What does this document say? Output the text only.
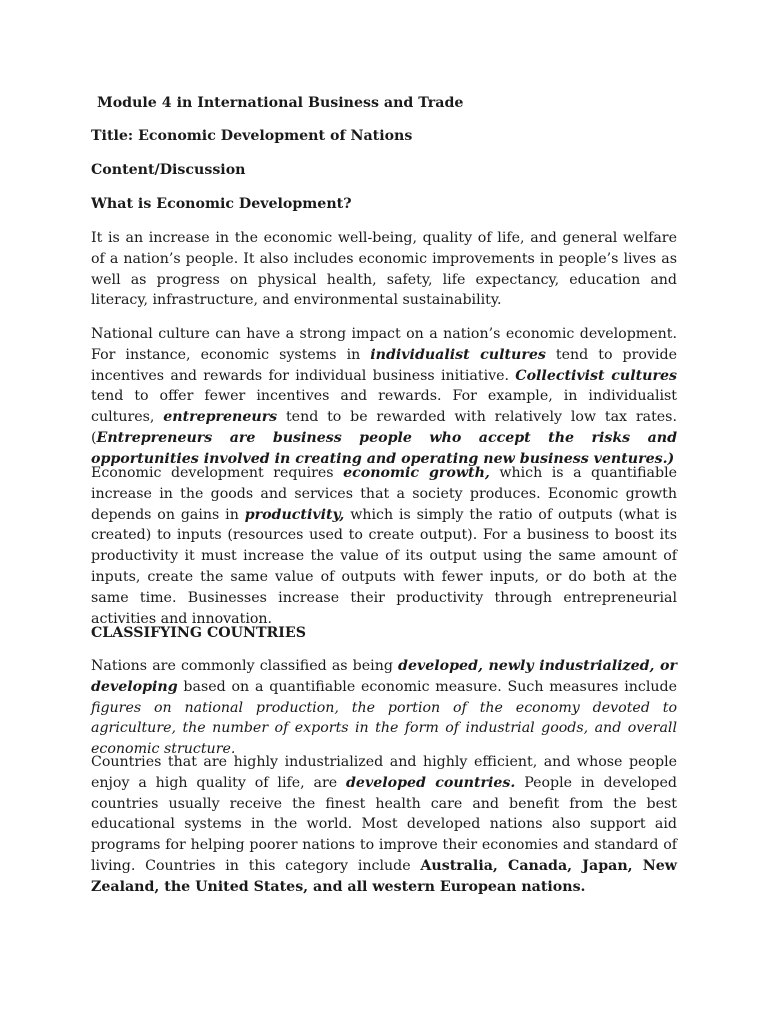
Module 4 in International Business and Trade
Title: Economic Development of Nations
Content/Discussion
What is Economic Development?
It is an increase in the economic well-being, quality of life, and general welfare of a nation’s people. It also includes economic improvements in people’s lives as well as progress on physical health, safety, life expectancy, education and literacy, infrastructure, and environmental sustainability.
National culture can have a strong impact on a nation’s economic development. For instance, economic systems in individualist cultures tend to provide incentives and rewards for individual business initiative. Collectivist cultures tend to offer fewer incentives and rewards. For example, in individualist cultures, entrepreneurs tend to be rewarded with relatively low tax rates. (Entrepreneurs are business people who accept the risks and opportunities involved in creating and operating new business ventures.)
Economic development requires economic growth, which is a quantifiable increase in the goods and services that a society produces. Economic growth depends on gains in productivity, which is simply the ratio of outputs (what is created) to inputs (resources used to create output). For a business to boost its productivity it must increase the value of its output using the same amount of inputs, create the same value of outputs with fewer inputs, or do both at the same time. Businesses increase their productivity through entrepreneurial activities and innovation.
CLASSIFYING COUNTRIES
Nations are commonly classified as being developed, newly industrialized, or developing based on a quantifiable economic measure. Such measures include figures on national production, the portion of the economy devoted to agriculture, the number of exports in the form of industrial goods, and overall economic structure.
Countries that are highly industrialized and highly efficient, and whose people enjoy a high quality of life, are developed countries. People in developed countries usually receive the finest health care and benefit from the best educational systems in the world. Most developed nations also support aid programs for helping poorer nations to improve their economies and standard of living. Countries in this category include Australia, Canada, Japan, New Zealand, the United States, and all western European nations.
